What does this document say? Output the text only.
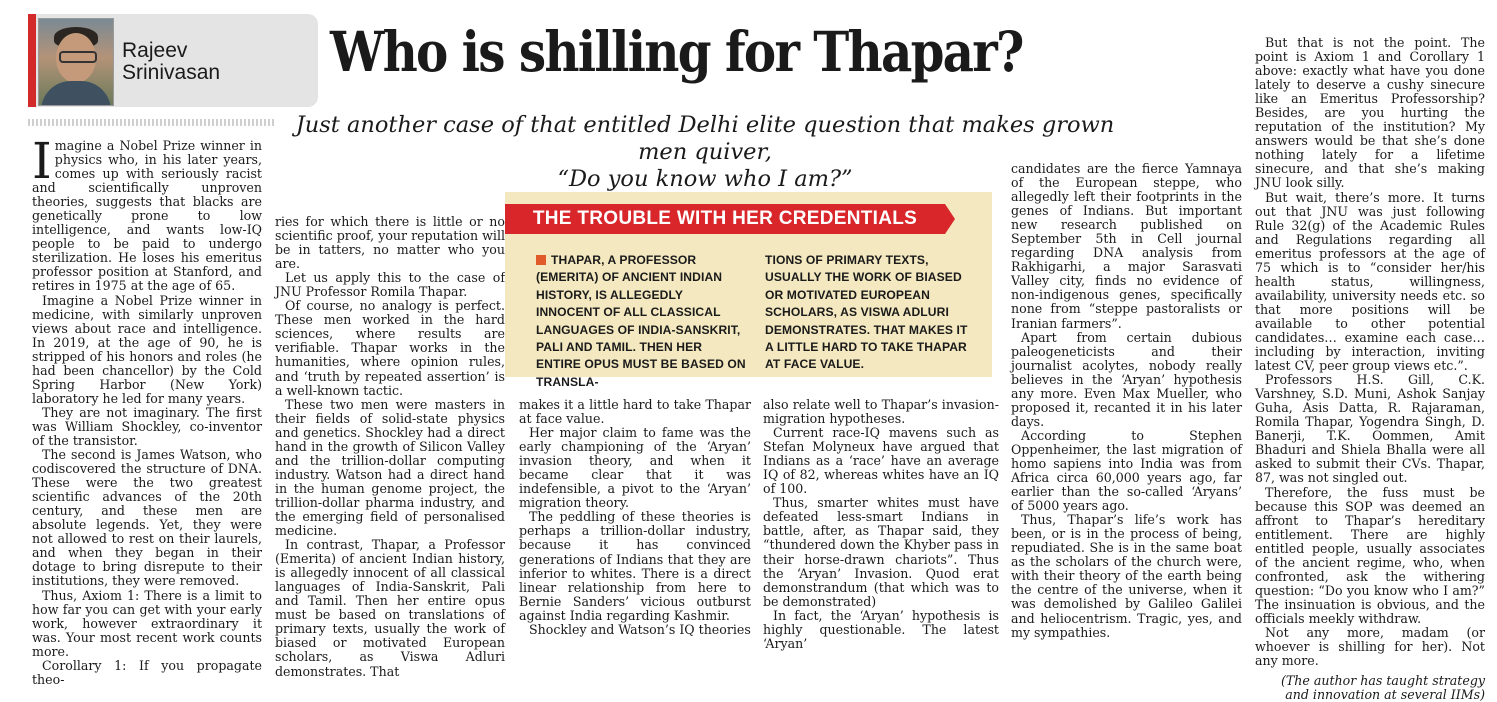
Rajeev
Srinivasan Who is shilling for Thapar?
Just another case of that entitled Delhi elite question that makes grown men quiver,
“Do you know who I am?”

Imagine a Nobel Prize winner in physics who, in his later years, comes up with seriously racist and scientifically unproven theories, suggests that blacks are genetically prone to low intelligence, and wants low-IQ people to be paid to undergo sterilization. He loses his emeritus professor position at Stanford, and retires in 1975 at the age of 65.

Imagine a Nobel Prize winner in medicine, with similarly unproven views about race and intelligence. In 2019, at the age of 90, he is stripped of his honors and roles (he had been chancellor) by the Cold Spring Harbor (New York) laboratory he led for many years.

They are not imaginary. The first was William Shockley, co-inventor of the transistor.

The second is James Watson, who codiscovered the structure of DNA. These were the two greatest scientific advances of the 20th century, and these men are absolute legends. Yet, they were not allowed to rest on their laurels, and when they began in their dotage to bring disrepute to their institutions, they were removed.

Thus, Axiom 1: There is a limit to how far you can get with your early work, however extraordinary it was. Your most recent work counts more.

Corollary 1: If you propagate theo-

ries for which there is little or no scientific proof, your reputation will be in tatters, no matter who you are.

Let us apply this to the case of JNU Professor Romila Thapar.

Of course, no analogy is perfect. These men worked in the hard sciences, where results are verifiable. Thapar works in the humanities, where opinion rules, and ‘truth by repeated assertion’ is a well-known tactic.

These two men were masters in their fields of solid-state physics and genetics. Shockley had a direct hand in the growth of Silicon Valley and the trillion-dollar computing industry. Watson had a direct hand in the human genome project, the trillion-dollar pharma industry, and the emerging field of personalised medicine.

In contrast, Thapar, a Professor (Emerita) of ancient Indian history, is allegedly innocent of all classical languages of India-Sanskrit, Pali and Tamil. Then her entire opus must be based on translations of primary texts, usually the work of biased or motivated European scholars, as Viswa Adluri demonstrates. That

THE TROUBLE WITH HER CREDENTIALS
THAPAR, A PROFESSOR (EMERITA) OF ANCIENT INDIAN HISTORY, IS ALLEGEDLY INNOCENT OF ALL CLASSICAL LANGUAGES OF INDIA-SANSKRIT, PALI AND TAMIL. THEN HER ENTIRE OPUS MUST BE BASED ON TRANSLA-
TIONS OF PRIMARY TEXTS, USUALLY THE WORK OF BIASED OR MOTIVATED EUROPEAN SCHOLARS, AS VISWA ADLURI DEMONSTRATES. THAT MAKES IT A LITTLE HARD TO TAKE THAPAR AT FACE VALUE.

makes it a little hard to take Thapar at face value.

Her major claim to fame was the early championing of the ‘Aryan’ invasion theory, and when it became clear that it was indefensible, a pivot to the ‘Aryan’ migration theory.

The peddling of these theories is perhaps a trillion-dollar industry, because it has convinced generations of Indians that they are inferior to whites. There is a direct linear relationship from here to Bernie Sanders’ vicious outburst against India regarding Kashmir.

Shockley and Watson’s IQ theories

also relate well to Thapar’s invasion-migration hypotheses.

Current race-IQ mavens such as Stefan Molyneux have argued that Indians as a ‘race’ have an average IQ of 82, whereas whites have an IQ of 100.

Thus, smarter whites must have defeated less-smart Indians in battle, after, as Thapar said, they “thundered down the Khyber pass in their horse-drawn chariots”. Thus the ‘Aryan’ Invasion. Quod erat demonstrandum (that which was to be demonstrated)

In fact, the ‘Aryan’ hypothesis is highly questionable. The latest ‘Aryan’

candidates are the fierce Yamnaya of the European steppe, who allegedly left their footprints in the genes of Indians. But important new research published on September 5th in Cell journal regarding DNA analysis from Rakhigarhi, a major Sarasvati Valley city, finds no evidence of non-indigenous genes, specifically none from “steppe pastoralists or Iranian farmers”.

Apart from certain dubious paleogeneticists and their journalist acolytes, nobody really believes in the ‘Aryan’ hypothesis any more. Even Max Mueller, who proposed it, recanted it in his later days.

According to Stephen Oppenheimer, the last migration of homo sapiens into India was from Africa circa 60,000 years ago, far earlier than the so-called ‘Aryans’ of 5000 years ago.

Thus, Thapar’s life’s work has been, or is in the process of being, repudiated. She is in the same boat as the scholars of the church were, with their theory of the earth being the centre of the universe, when it was demolished by Galileo Galilei and heliocentrism. Tragic, yes, and my sympathies.

But that is not the point. The point is Axiom 1 and Corollary 1 above: exactly what have you done lately to deserve a cushy sinecure like an Emeritus Professorship? Besides, are you hurting the reputation of the institution? My answers would be that she’s done nothing lately for a lifetime sinecure, and that she’s making JNU look silly.

But wait, there’s more. It turns out that JNU was just following Rule 32(g) of the Academic Rules and Regulations regarding all emeritus professors at the age of 75 which is to “consider her/his health status, willingness, availability, university needs etc. so that more positions will be available to other potential candidates… examine each case… including by interaction, inviting latest CV, peer group views etc.”.

Professors H.S. Gill, C.K. Varshney, S.D. Muni, Ashok Sanjay Guha, Asis Datta, R. Rajaraman, Romila Thapar, Yogendra Singh, D. Banerji, T.K. Oommen, Amit Bhaduri and Shiela Bhalla were all asked to submit their CVs. Thapar, 87, was not singled out.

Therefore, the fuss must be because this SOP was deemed an affront to Thapar’s hereditary entitlement. There are highly entitled people, usually associates of the ancient regime, who, when confronted, ask the withering question: “Do you know who I am?” The insinuation is obvious, and the officials meekly withdraw.

Not any more, madam (or whoever is shilling for her). Not any more.

(The author has taught strategy and innovation at several IIMs)
